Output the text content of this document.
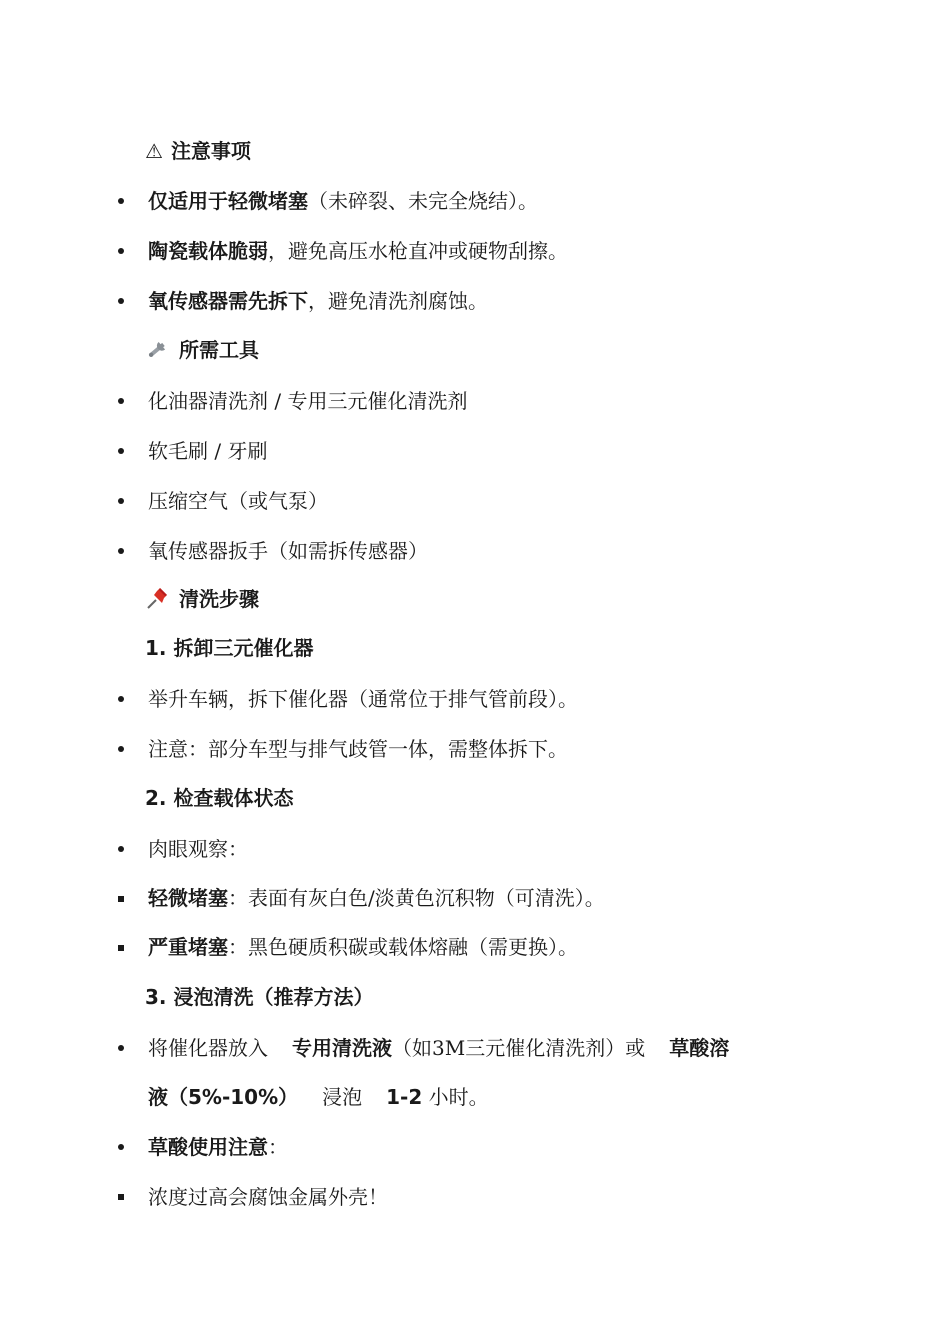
⚠ 注意事项
仅适用于轻微堵塞（未碎裂、未完全烧结）。
陶瓷载体脆弱，避免高压水枪直冲或硬物刮擦。
氧传感器需先拆下，避免清洗剂腐蚀。
所需工具
化油器清洗剂 / 专用三元催化清洗剂
软毛刷 / 牙刷
压缩空气（或气泵）
氧传感器扳手（如需拆传感器）
清洗步骤
1. 拆卸三元催化器
举升车辆，拆下催化器（通常位于排气管前段）。
注意：部分车型与排气歧管一体，需整体拆下。
2. 检查载体状态
肉眼观察：
轻微堵塞：表面有灰白色/淡黄色沉积物（可清洗）。
严重堵塞：黑色硬质积碳或载体熔融（需更换）。
3. 浸泡清洗（推荐方法）
将催化器放入 专用清洗液（如3M三元催化清洗剂）或 草酸溶
液（5%-10%） 浸泡 1-2 小时。
草酸使用注意：
浓度过高会腐蚀金属外壳！
